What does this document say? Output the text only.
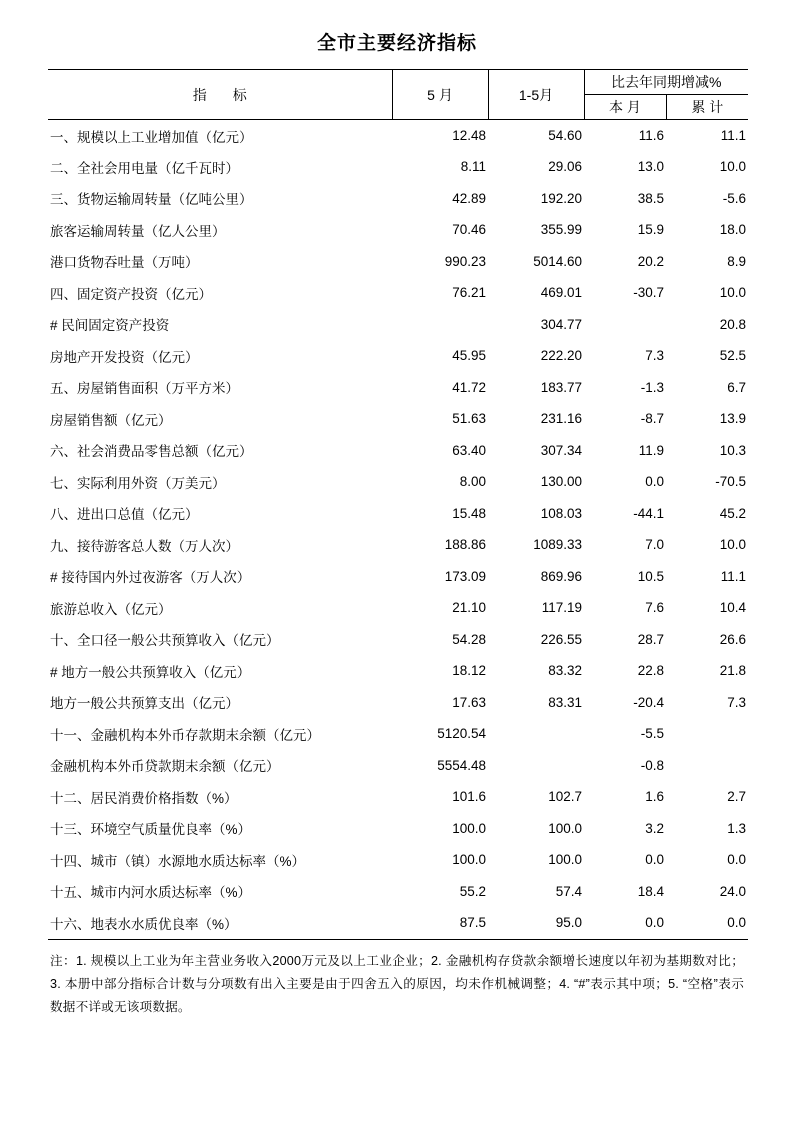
全市主要经济指标
指　标	5 月	1-5月	比去年同期增减%	
			本 月	累 计
一、规模以上工业增加值（亿元）	12.48	54.60	11.6	11.1
二、全社会用电量（亿千瓦时）	8.11	29.06	13.0	10.0
三、货物运输周转量（亿吨公里）	42.89	192.20	38.5	-5.6
旅客运输周转量（亿人公里）	70.46	355.99	15.9	18.0
港口货物吞吐量（万吨）	990.23	5014.60	20.2	8.9
四、固定资产投资（亿元）	76.21	469.01	-30.7	10.0
# 民间固定资产投资		304.77		20.8
房地产开发投资（亿元）	45.95	222.20	7.3	52.5
五、房屋销售面积（万平方米）	41.72	183.77	-1.3	6.7
房屋销售额（亿元）	51.63	231.16	-8.7	13.9
六、社会消费品零售总额（亿元）	63.40	307.34	11.9	10.3
七、实际利用外资（万美元）	8.00	130.00	0.0	-70.5
八、进出口总值（亿元）	15.48	108.03	-44.1	45.2
九、接待游客总人数（万人次）	188.86	1089.33	7.0	10.0
# 接待国内外过夜游客（万人次）	173.09	869.96	10.5	11.1
旅游总收入（亿元）	21.10	117.19	7.6	10.4
十、全口径一般公共预算收入（亿元）	54.28	226.55	28.7	26.6
# 地方一般公共预算收入（亿元）	18.12	83.32	22.8	21.8
地方一般公共预算支出（亿元）	17.63	83.31	-20.4	7.3
十一、金融机构本外币存款期末余额（亿元）	5120.54		-5.5	
金融机构本外币贷款期末余额（亿元）	5554.48		-0.8	
十二、居民消费价格指数（%）	101.6	102.7	1.6	2.7
十三、环境空气质量优良率（%）	100.0	100.0	3.2	1.3
十四、城市（镇）水源地水质达标率（%）	100.0	100.0	0.0	0.0
十五、城市内河水质达标率（%）	55.2	57.4	18.4	24.0
十六、地表水水质优良率（%）	87.5	95.0	0.0	0.0
注：1. 规模以上工业为年主营业务收入2000万元及以上工业企业；2. 金融机构存贷款余额增长速度以年初为基期数对比；3. 本册中部分指标合计数与分项数有出入主要是由于四舍五入的原因，均未作机械调整；4. “#”表示其中项；5. “空格”表示数据不详或无该项数据。
